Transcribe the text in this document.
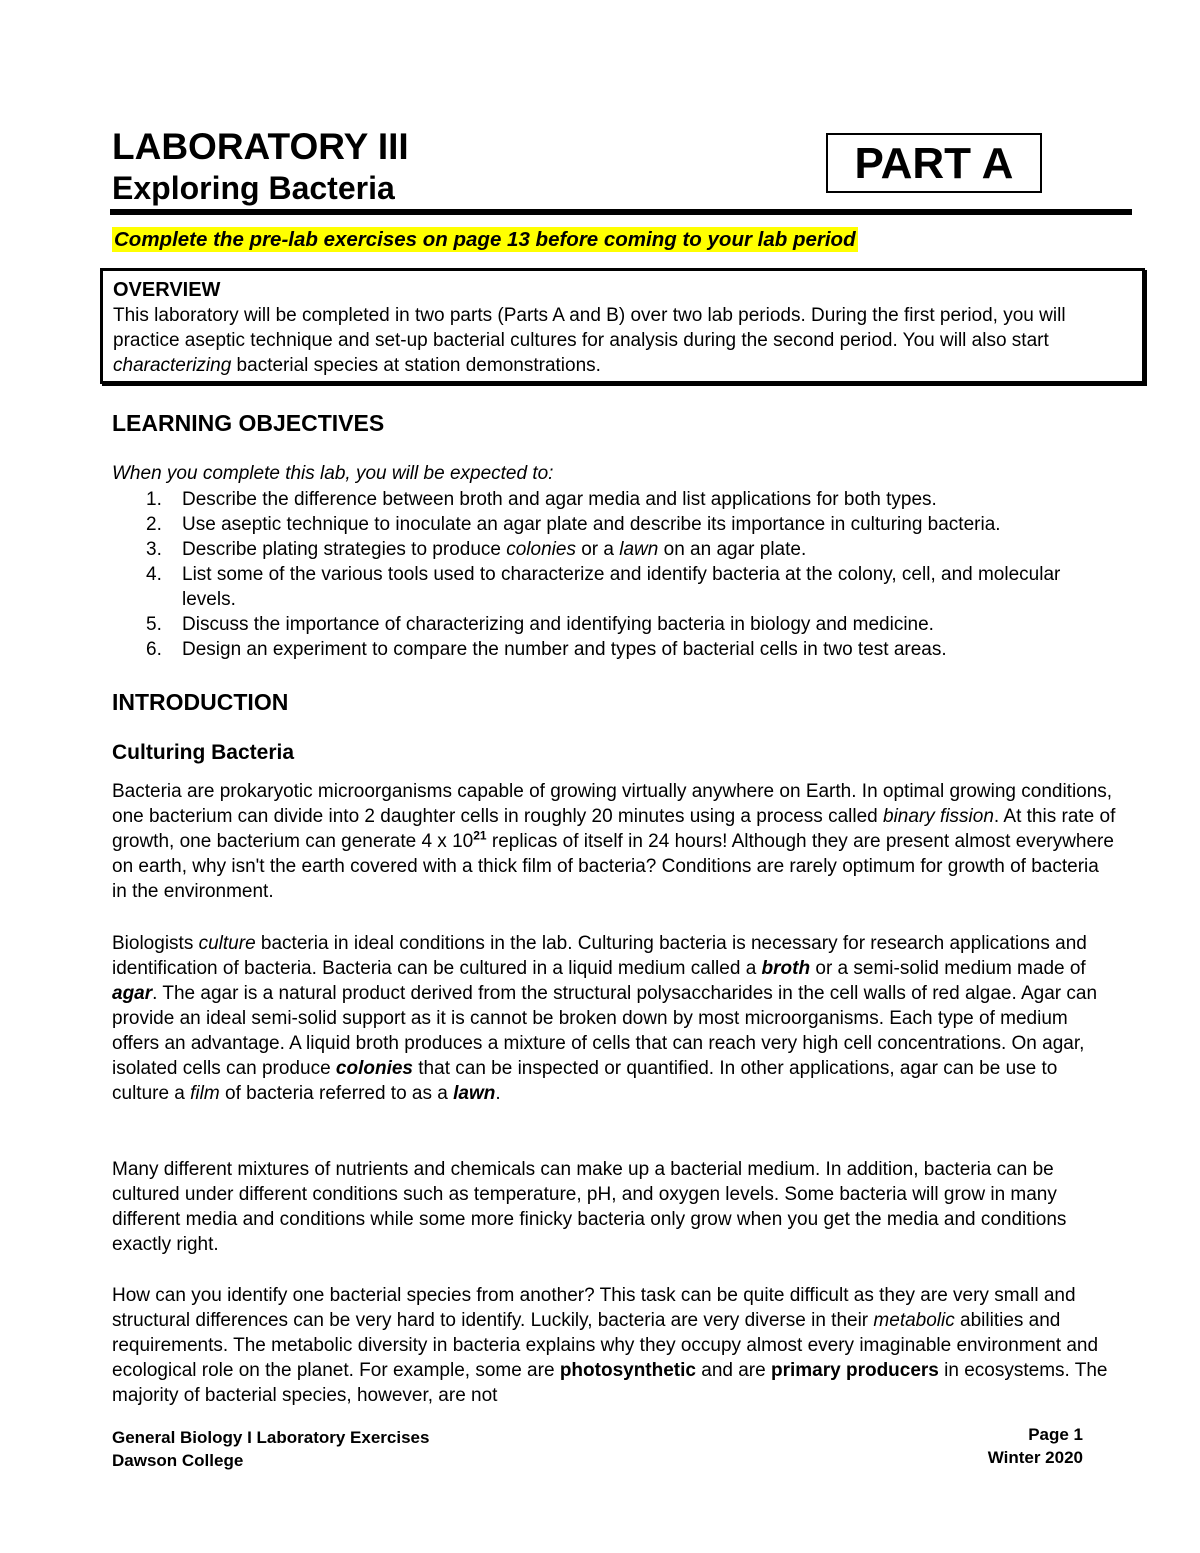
LABORATORY III
Exploring Bacteria	PART A
Complete the pre-lab exercises on page 13 before coming to your lab period
OVERVIEW
This laboratory will be completed in two parts (Parts A and B) over two lab periods. During the first period, you will practice aseptic technique and set-up bacterial cultures for analysis during the second period. You will also start characterizing bacterial species at station demonstrations.
LEARNING OBJECTIVES
When you complete this lab, you will be expected to:
1. Describe the difference between broth and agar media and list applications for both types.
2. Use aseptic technique to inoculate an agar plate and describe its importance in culturing bacteria.
3. Describe plating strategies to produce colonies or a lawn on an agar plate.
4. List some of the various tools used to characterize and identify bacteria at the colony, cell, and molecular levels.
5. Discuss the importance of characterizing and identifying bacteria in biology and medicine.
6. Design an experiment to compare the number and types of bacterial cells in two test areas.
INTRODUCTION
Culturing Bacteria

Bacteria are prokaryotic microorganisms capable of growing virtually anywhere on Earth. In optimal growing conditions, one bacterium can divide into 2 daughter cells in roughly 20 minutes using a process called binary fission. At this rate of growth, one bacterium can generate 4 x $10^{21}$ replicas of itself in 24 hours! Although they are present almost everywhere on earth, why isn't the earth covered with a thick film of bacteria? Conditions are rarely optimum for growth of bacteria in the environment.

Biologists culture bacteria in ideal conditions in the lab. Culturing bacteria is necessary for research applications and identification of bacteria. Bacteria can be cultured in a liquid medium called a broth or a semi-solid medium made of agar. The agar is a natural product derived from the structural polysaccharides in the cell walls of red algae. Agar can provide an ideal semi-solid support as it is cannot be broken down by most microorganisms. Each type of medium offers an advantage. A liquid broth produces a mixture of cells that can reach very high cell concentrations. On agar, isolated cells can produce colonies that can be inspected or quantified. In other applications, agar can be use to culture a film of bacteria referred to as a lawn.

Many different mixtures of nutrients and chemicals can make up a bacterial medium. In addition, bacteria can be cultured under different conditions such as temperature, pH, and oxygen levels. Some bacteria will grow in many different media and conditions while some more finicky bacteria only grow when you get the media and conditions exactly right.

How can you identify one bacterial species from another? This task can be quite difficult as they are very small and structural differences can be very hard to identify. Luckily, bacteria are very diverse in their metabolic abilities and requirements. The metabolic diversity in bacteria explains why they occupy almost every imaginable environment and ecological role on the planet. For example, some are photosynthetic and are primary producers in ecosystems. The majority of bacterial species, however, are not

General Biology I Laboratory Exercises
Dawson College
Page 1
Winter 2020
